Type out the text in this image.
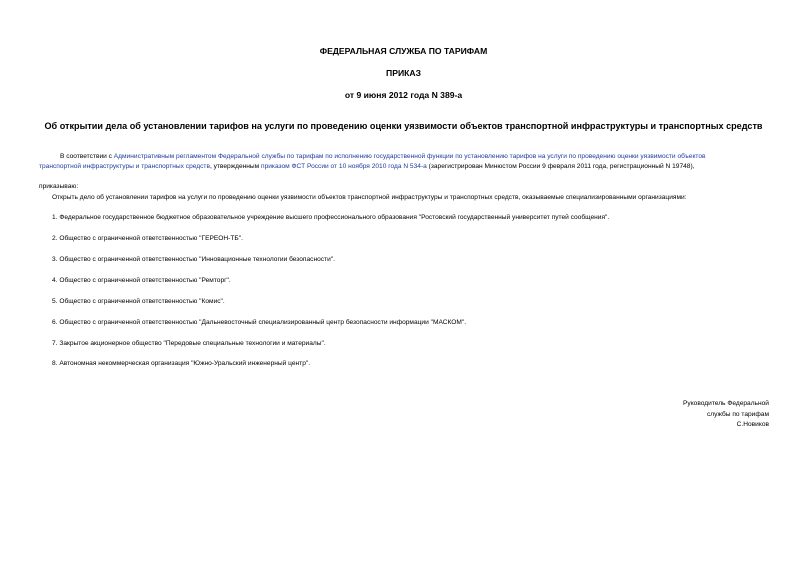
ФЕДЕРАЛЬНАЯ СЛУЖБА ПО ТАРИФАМ
ПРИКАЗ
от 9 июня 2012 года N 389-а
Об открытии дела об установлении тарифов на услуги по проведению оценки уязвимости объектов транспортной инфраструктуры и транспортных средств
В соответствии с Административным регламентом Федеральной службы по тарифам по исполнению государственной функции по установлению тарифов на услуги по проведению оценки уязвимости объектов
транспортной инфраструктуры и транспортных средств, утвержденным приказом ФСТ России от 10 ноября 2010 года N 534-а (зарегистрирован Минюстом России 9 февраля 2011 года, регистрационный N 19748),
приказываю:
Открыть дело об установлении тарифов на услуги по проведению оценки уязвимости объектов транспортной инфраструктуры и транспортных средств, оказываемые специализированными организациями:
1. Федеральное государственное бюджетное образовательное учреждение высшего профессионального образования "Ростовский государственный университет путей сообщения".
2. Общество с ограниченной ответственностью "ГЕРЕОН-ТБ".
3. Общество с ограниченной ответственностью "Инновационные технологии безопасности".
4. Общество с ограниченной ответственностью "Ремторг".
5. Общество с ограниченной ответственностью "Комис".
6. Общество с ограниченной ответственностью "Дальневосточный специализированный центр безопасности информации "МАСКОМ".
7. Закрытое акционерное общество "Передовые специальные технологии и материалы".
8. Автономная некоммерческая организация "Южно-Уральский инженерный центр".
Руководитель Федеральной
службы по тарифам
С.Новиков
